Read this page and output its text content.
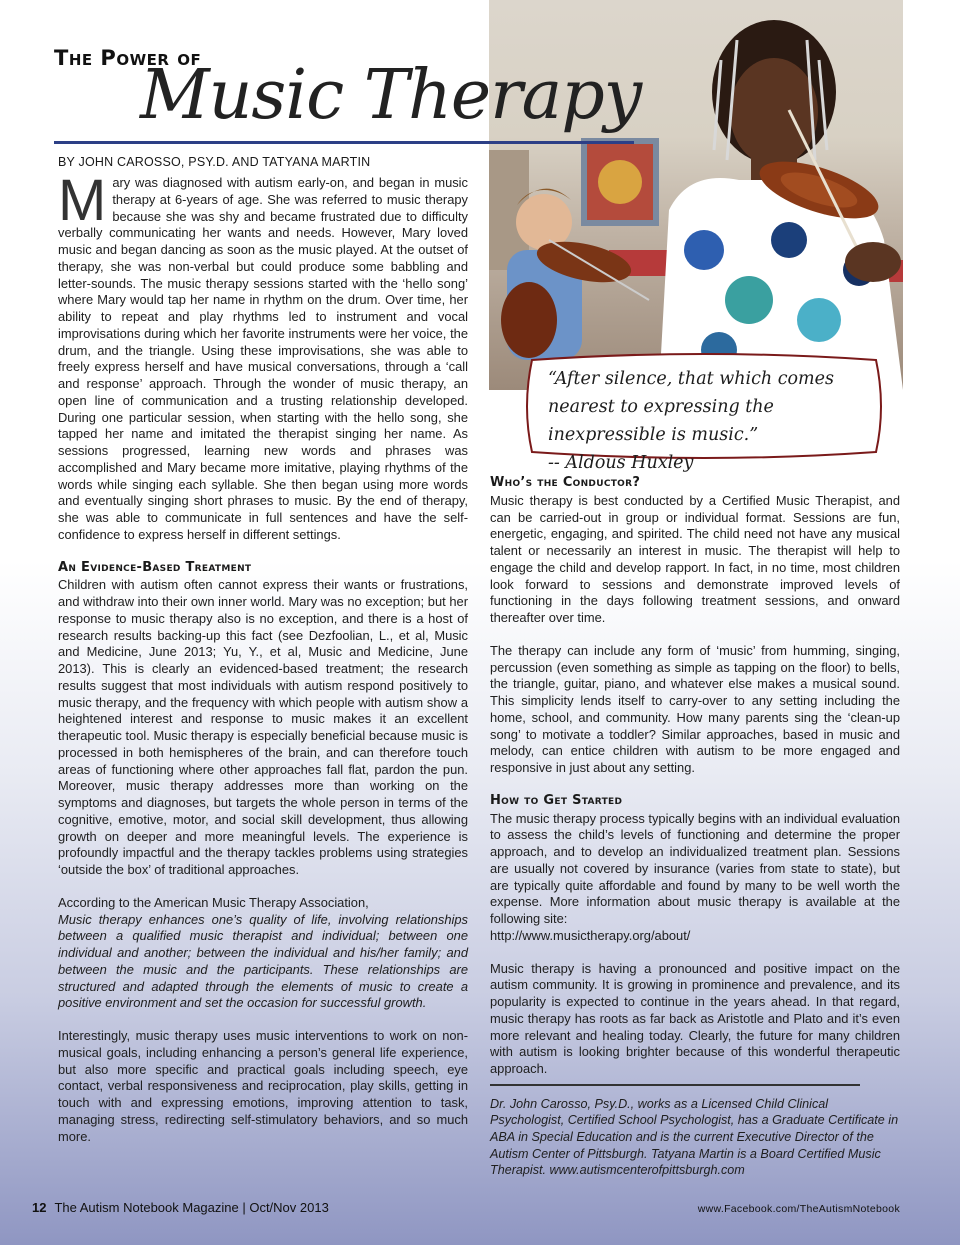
The Power of
Music Therapy
BY JOHN CAROSSO, PSY.D. AND TATYANA MARTIN
“After silence, that which comes nearest to expressing the inexpressible is music.”   -- Aldous Huxley

Mary was diagnosed with autism early-on, and began in music therapy at 6-years of age. She was referred to music therapy because she was shy and became frustrated due to difficulty verbally communicating her wants and needs. However, Mary loved music and began dancing as soon as the music played. At the outset of therapy, she was non-verbal but could produce some babbling and letter-sounds. The music therapy sessions started with the ‘hello song’ where Mary would tap her name in rhythm on the drum. Over time, her ability to repeat and play rhythms led to instrument and vocal improvisations during which her favorite instruments were her voice, the drum, and the triangle. Using these improvisations, she was able to freely express herself and have musical conversations, through a ‘call and response’ approach. Through the wonder of music therapy, an open line of communication and a trusting relationship developed. During one particular session, when starting with the hello song, she tapped her name and imitated the therapist singing her name. As sessions progressed, learning new words and phrases was accomplished and Mary became more imitative, playing rhythms of the words while singing each syllable. She then began using more words and eventually singing short phrases to music. By the end of therapy, she was able to communicate in full sentences and have the self-confidence to express herself in different settings.

An Evidence-Based Treatment

Children with autism often cannot express their wants or frustrations, and withdraw into their own inner world. Mary was no exception; but her response to music therapy also is no exception, and there is a host of research results backing-up this fact (see Dezfoolian, L., et al, Music and Medicine, June 2013; Yu, Y., et al, Music and Medicine, June 2013). This is clearly an evidenced-based treatment; the research results suggest that most individuals with autism respond positively to music therapy, and the frequency with which people with autism show a heightened interest and response to music makes it an excellent therapeutic tool. Music therapy is especially beneficial because music is processed in both hemispheres of the brain, and can therefore touch areas of functioning where other approaches fall flat, pardon the pun. Moreover, music therapy addresses more than working on the symptoms and diagnoses, but targets the whole person in terms of the cognitive, emotive, motor, and social skill development, thus allowing growth on deeper and more meaningful levels. The experience is profoundly impactful and the therapy tackles problems using strategies ‘outside the box’ of traditional approaches.

According to the American Music Therapy Association,

Music therapy enhances one’s quality of life, involving relationships between a qualified music therapist and individual; between one individual and another; between the individual and his/her family; and between the music and the participants. These relationships are structured and adapted through the elements of music to create a positive environment and set the occasion for successful growth.

Interestingly, music therapy uses music interventions to work on non-musical goals, including enhancing a person’s general life experience, but also more specific and practical goals including speech, eye contact, verbal responsiveness and reciprocation, play skills, getting in touch with and expressing emotions, improving attention to task, managing stress, redirecting self-stimulatory behaviors, and so much more.

Who’s the Conductor?

Music therapy is best conducted by a Certified Music Therapist, and can be carried-out in group or individual format. Sessions are fun, energetic, engaging, and spirited. The child need not have any musical talent or necessarily an interest in music. The therapist will help to engage the child and develop rapport. In fact, in no time, most children look forward to sessions and demonstrate improved levels of functioning in the days following treatment sessions, and onward thereafter over time.

The therapy can include any form of ‘music’ from humming, singing, percussion (even something as simple as tapping on the floor) to bells, the triangle, guitar, piano, and whatever else makes a musical sound. This simplicity lends itself to carry-over to any setting including the home, school, and community. How many parents sing the ‘clean-up song’ to motivate a toddler? Similar approaches, based in music and melody, can entice children with autism to be more engaged and responsive in just about any setting.

How to Get Started

The music therapy process typically begins with an individual evaluation to assess the child’s levels of functioning and determine the proper approach, and to develop an individualized treatment plan. Sessions are usually not covered by insurance (varies from state to state), but are typically quite affordable and found by many to be well worth the expense. More information about music therapy is available at the following site:

http://www.musictherapy.org/about/

Music therapy is having a pronounced and positive impact on the autism community. It is growing in prominence and prevalence, and its popularity is expected to continue in the years ahead. In that regard, music therapy has roots as far back as Aristotle and Plato and it’s even more relevant and healing today. Clearly, the future for many children with autism is looking brighter because of this wonderful therapeutic approach.

Dr. John Carosso, Psy.D., works as a Licensed Child Clinical Psychologist, Certified School Psychologist, has a Graduate Certificate in ABA in Special Education and is the current Executive Director of the Autism Center of Pittsburgh. Tatyana Martin is a Board Certified Music Therapist. www.autismcenterofpittsburgh.com

12 The Autism Notebook Magazine | Oct/Nov 2013	www.Facebook.com/TheAutismNotebook
